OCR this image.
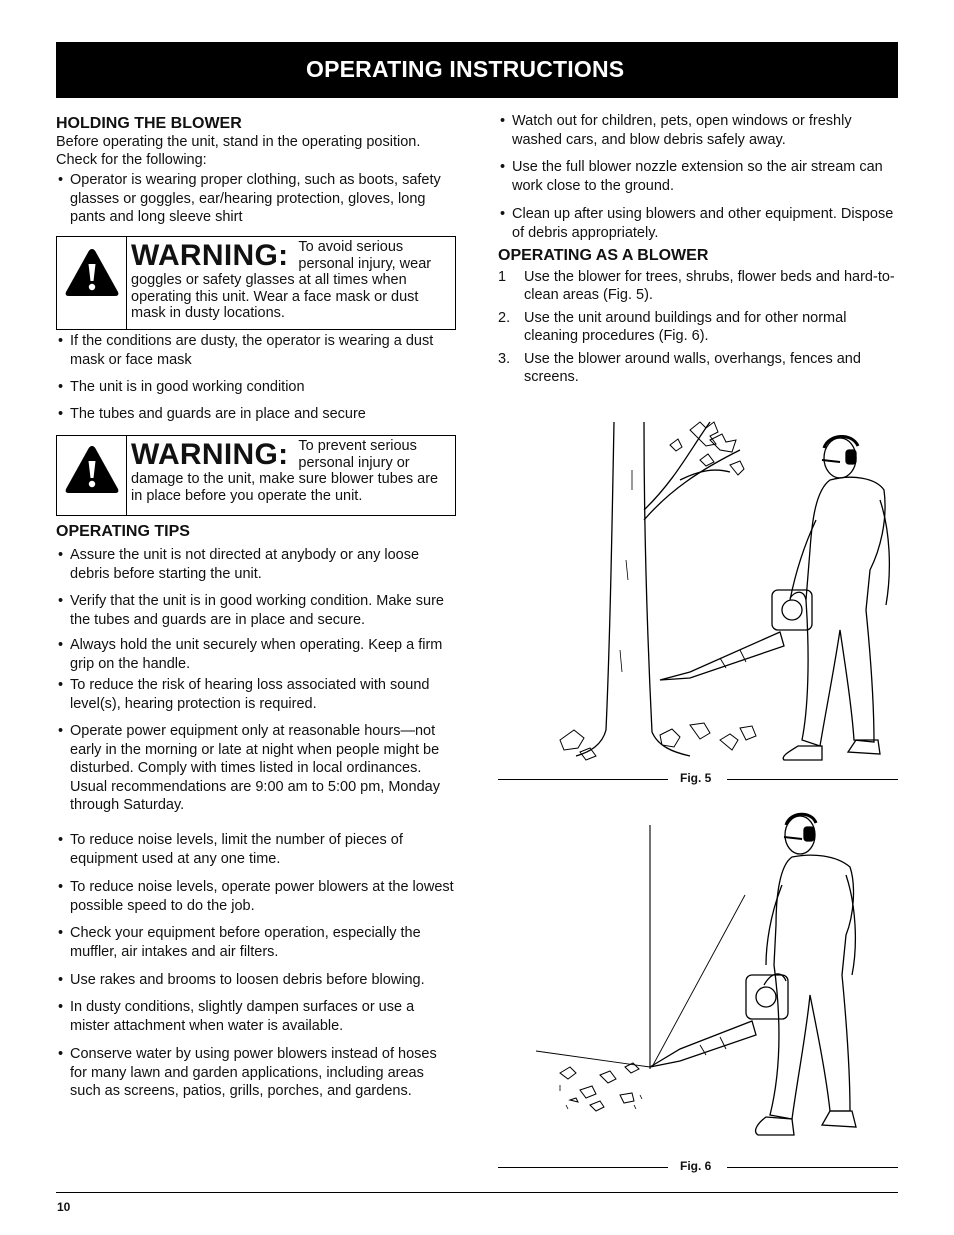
OPERATING INSTRUCTIONS
HOLDING THE BLOWER

Before operating the unit, stand in the operating position. Check for the following:

• Operator is wearing proper clothing, such as boots, safety glasses or goggles, ear/hearing protection, gloves, long pants and long sleeve shirt
WARNING: To avoid serious personal injury, wear goggles or safety glasses at all times when operating this unit. Wear a face mask or dust mask in dusty locations.
• If the conditions are dusty, the operator is wearing a dust mask or face mask
• The unit is in good working condition
• The tubes and guards are in place and secure
WARNING: To prevent serious personal injury or damage to the unit, make sure blower tubes are in place before you operate the unit.
OPERATING TIPS
• Assure the unit is not directed at anybody or any loose debris before starting the unit.
• Verify that the unit is in good working condition. Make sure the tubes and guards are in place and secure.
• Always hold the unit securely when operating. Keep a firm grip on the handle.
• To reduce the risk of hearing loss associated with sound level(s), hearing protection is required.
• Operate power equipment only at reasonable hours—not early in the morning or late at night when people might be disturbed. Comply with times listed in local ordinances. Usual recommendations are 9:00 am to 5:00 pm, Monday through Saturday.
• To reduce noise levels, limit the number of pieces of equipment used at any one time.
• To reduce noise levels, operate power blowers at the lowest possible speed to do the job.
• Check your equipment before operation, especially the muffler, air intakes and air filters.
• Use rakes and brooms to loosen debris before blowing.
• In dusty conditions, slightly dampen surfaces or use a mister attachment when water is available.
• Conserve water by using power blowers instead of hoses for many lawn and garden applications, including areas such as screens, patios, grills, porches, and gardens.
• Watch out for children, pets, open windows or freshly washed cars, and blow debris safely away.
• Use the full blower nozzle extension so the air stream can work close to the ground.
• Clean up after using blowers and other equipment. Dispose of debris appropriately.
OPERATING AS A BLOWER
1 Use the blower for trees, shrubs, flower beds and hard-to-clean areas (Fig. 5).
2. Use the unit around buildings and for other normal cleaning procedures (Fig. 6).
3. Use the blower around walls, overhangs, fences and screens.
Fig. 5
Fig. 6
10
